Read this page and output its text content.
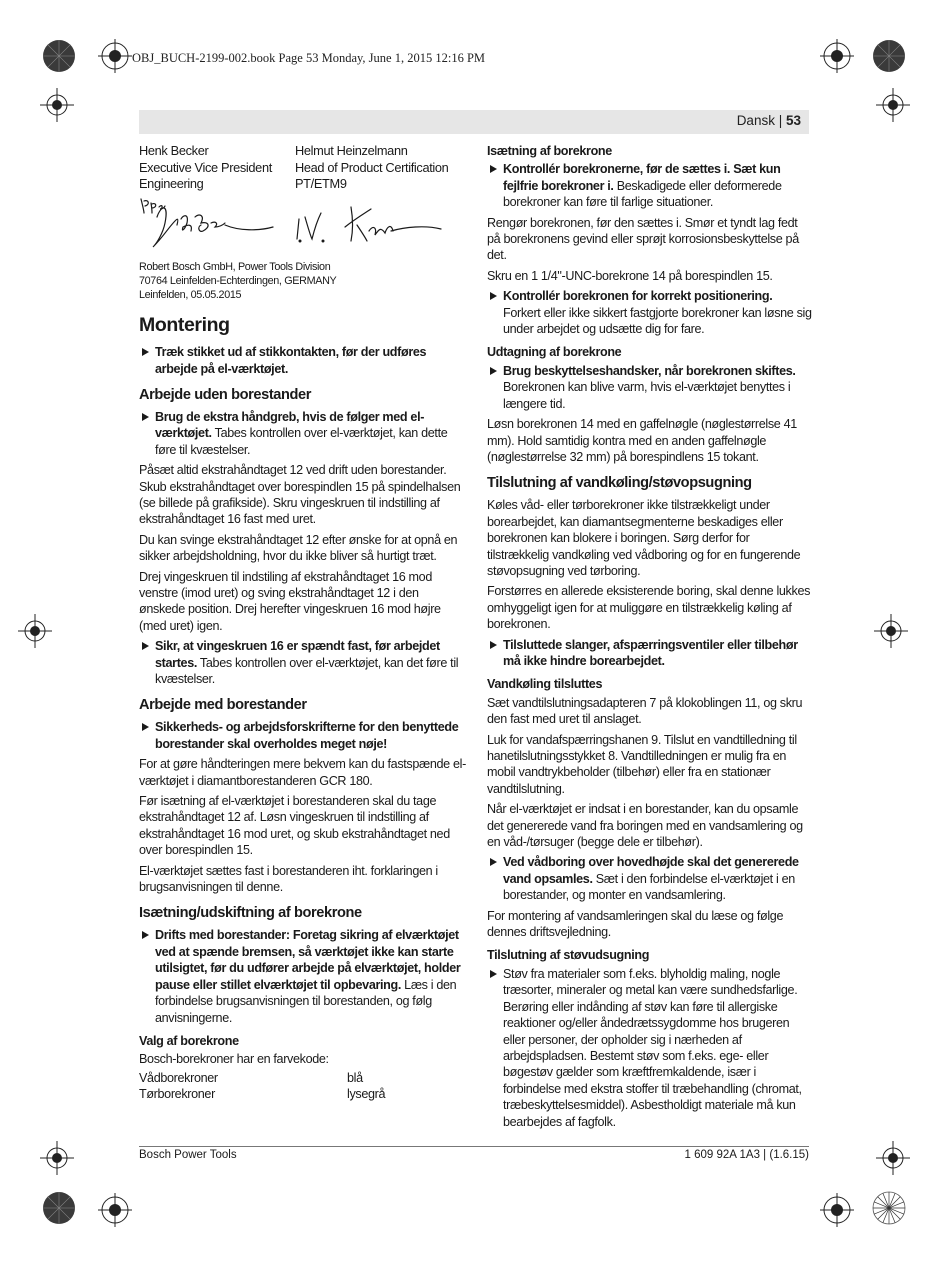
OBJ_BUCH-2199-002.book Page 53 Monday, June 1, 2015 12:16 PM
Dansk | 53
Henk Becker
Executive Vice President
Engineering
Helmut Heinzelmann
Head of Product Certification
PT/ETM9
Robert Bosch GmbH, Power Tools Division
70764 Leinfelden-Echterdingen, GERMANY
Leinfelden, 05.05.2015
Montering
Træk stikket ud af stikkontakten, før der udføres arbejde på el-værktøjet.
Arbejde uden borestander
Brug de ekstra håndgreb, hvis de følger med el-værktøjet. Tabes kontrollen over el-værktøjet, kan dette føre til kvæstelser.

Påsæt altid ekstrahåndtaget 12 ved drift uden borestander. Skub ekstrahåndtaget over borespindlen 15 på spindelhalsen (se billede på grafikside). Skru vingeskruen til indstilling af ekstrahåndtaget 16 fast med uret.

Du kan svinge ekstrahåndtaget 12 efter ønske for at opnå en sikker arbejdsholdning, hvor du ikke bliver så hurtigt træt.

Drej vingeskruen til indstiling af ekstrahåndtaget 16 mod venstre (imod uret) og sving ekstrahåndtaget 12 i den ønskede position. Drej herefter vingeskruen 16 mod højre (med uret) igen.

Sikr, at vingeskruen 16 er spændt fast, før arbejdet startes. Tabes kontrollen over el-værktøjet, kan det føre til kvæstelser.
Arbejde med borestander
Sikkerheds- og arbejdsforskrifterne for den benyttede borestander skal overholdes meget nøje!

For at gøre håndteringen mere bekvem kan du fastspænde el-værktøjet i diamantborestanderen GCR 180.

Før isætning af el-værktøjet i borestanderen skal du tage ekstrahåndtaget 12 af. Løsn vingeskruen til indstilling af ekstrahåndtaget 16 mod uret, og skub ekstrahåndtaget ned over borespindlen 15.

El-værktøjet sættes fast i borestanderen iht. forklaringen i brugsanvisningen til denne.

Isætning/udskiftning af borekrone
Drifts med borestander: Foretag sikring af elværktøjet ved at spænde bremsen, så værktøjet ikke kan starte utilsigtet, før du udfører arbejde på elværktøjet, holder pause eller stillet elværktøjet til opbevaring. Læs i den forbindelse brugsanvisningen til borestanden, og følg anvisningerne.
Valg af borekrone
Bosch-borekroner har en farvekode:
Vådborekroner	blå
Tørborekroner	lysegrå
Isætning af borekrone
Kontrollér borekronerne, før de sættes i. Sæt kun fejlfrie borekroner i. Beskadigede eller deformerede borekroner kan føre til farlige situationer.

Rengør borekronen, før den sættes i. Smør et tyndt lag fedt på borekronens gevind eller sprøjt korrosionsbeskyttelse på det.

Skru en 1 1/4"-UNC-borekrone 14 på borespindlen 15.

Kontrollér borekronen for korrekt positionering. Forkert eller ikke sikkert fastgjorte borekroner kan løsne sig under arbejdet og udsætte dig for fare.
Udtagning af borekrone
Brug beskyttelseshandsker, når borekronen skiftes. Borekronen kan blive varm, hvis el-værktøjet benyttes i længere tid.

Løsn borekronen 14 med en gaffelnøgle (nøglestørrelse 41 mm). Hold samtidig kontra med en anden gaffelnøgle (nøglestørrelse 32 mm) på borespindlens 15 tokant.

Tilslutning af vandkøling/støvopsugning

Køles våd- eller tørborekroner ikke tilstrækkeligt under borearbejdet, kan diamantsegmenterne beskadiges eller borekronen kan blokere i boringen. Sørg derfor for tilstrækkelig vandkøling ved vådboring og for en fungerende støvopsugning ved tørboring.

Forstørres en allerede eksisterende boring, skal denne lukkes omhyggeligt igen for at muliggøre en tilstrækkelig køling af borekronen.

Tilsluttede slanger, afspærringsventiler eller tilbehør må ikke hindre borearbejdet.
Vandkøling tilsluttes

Sæt vandtilslutningsadapteren 7 på klokoblingen 11, og skru den fast med uret til anslaget.

Luk for vandafspærringshanen 9. Tilslut en vandtilledning til hanetilslutningsstykket 8. Vandtilledningen er mulig fra en mobil vandtrykbeholder (tilbehør) eller fra en stationær vandtilslutning.

Når el-værktøjet er indsat i en borestander, kan du opsamle det genererede vand fra boringen med en vandsamlering og en våd-/tørsuger (begge dele er tilbehør).

Ved vådboring over hovedhøjde skal det genererede vand opsamles. Sæt i den forbindelse el-værktøjet i en borestander, og monter en vandsamlering.

For montering af vandsamleringen skal du læse og følge dennes driftsvejledning.

Tilslutning af støvudsugning
Støv fra materialer som f.eks. blyholdig maling, nogle træsorter, mineraler og metal kan være sundhedsfarlige. Berøring eller indånding af støv kan føre til allergiske reaktioner og/eller åndedrætssygdomme hos brugeren eller personer, der opholder sig i nærheden af arbejdspladsen. Bestemt støv som f.eks. ege- eller bøgestøv gælder som kræftfremkaldende, især i forbindelse med ekstra stoffer til træbehandling (chromat, træbeskyttelsesmiddel). Asbestholdigt materiale må kun bearbejdes af fagfolk.
Bosch Power Tools	1 609 92A 1A3 | (1.6.15)
